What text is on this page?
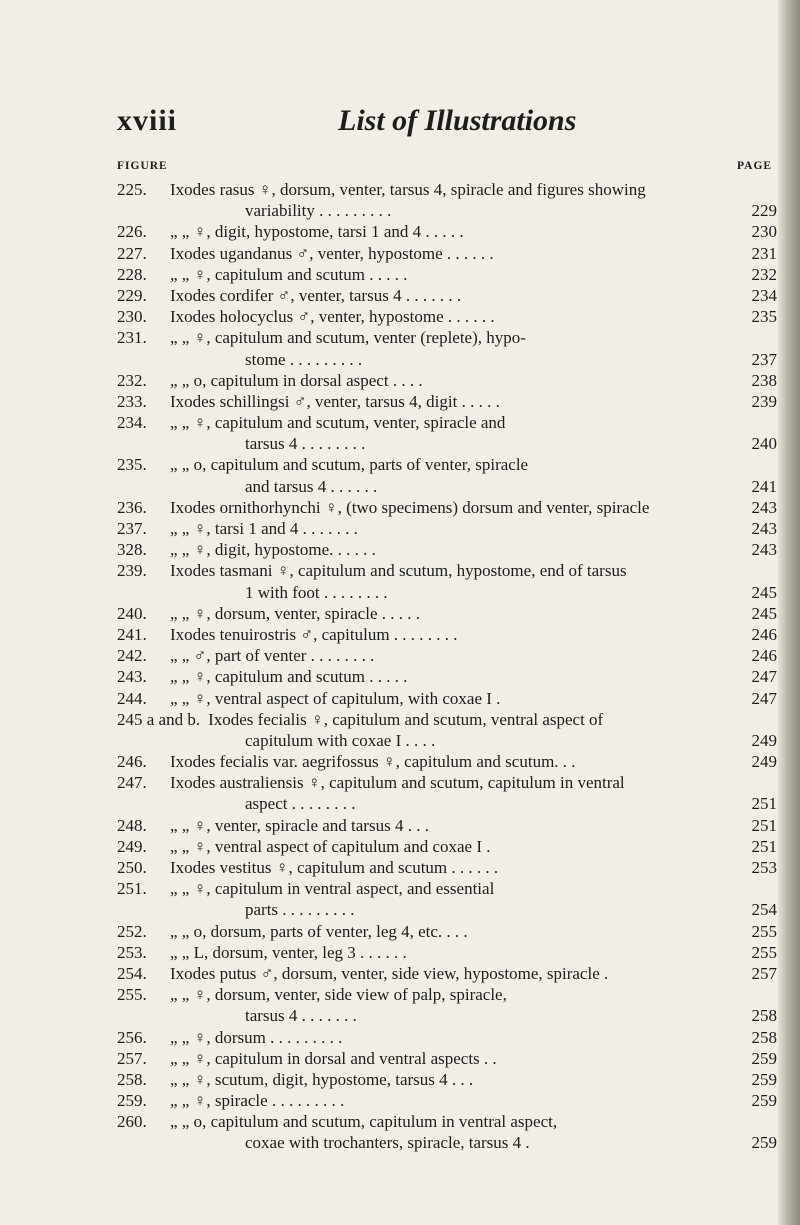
xviii	List of Illustrations
FIGURE	PAGE
225.	Ixodes rasus ♀, dorsum, venter, tarsus 4, spiracle and figures showing
variability . . . . . . . . .	229
226.	„ „ ♀, digit, hypostome, tarsi 1 and 4 . . . . .	230
227.	Ixodes ugandanus ♂, venter, hypostome . . . . . .	231
228.	„ „ ♀, capitulum and scutum . . . . .	232
229.	Ixodes cordifer ♂, venter, tarsus 4 . . . . . . .	234
230.	Ixodes holocyclus ♂, venter, hypostome . . . . . .	235
231.	„ „ ♀, capitulum and scutum, venter (replete), hypo-
stome . . . . . . . . .	237
232.	„ „ o, capitulum in dorsal aspect . . . .	238
233.	Ixodes schillingsi ♂, venter, tarsus 4, digit . . . . .	239
234.	„ „ ♀, capitulum and scutum, venter, spiracle and
tarsus 4 . . . . . . . .	240
235.	„ „ o, capitulum and scutum, parts of venter, spiracle
and tarsus 4 . . . . . .	241
236.	Ixodes ornithorhynchi ♀, (two specimens) dorsum and venter, spiracle	243
237.	„ „ ♀, tarsi 1 and 4 . . . . . . .	243
328.	„ „ ♀, digit, hypostome. . . . . .	243
239.	Ixodes tasmani ♀, capitulum and scutum, hypostome, end of tarsus
1 with foot . . . . . . . .	245
240.	„ „ ♀, dorsum, venter, spiracle . . . . .	245
241.	Ixodes tenuirostris ♂, capitulum . . . . . . . .	246
242.	„ „ ♂, part of venter . . . . . . . .	246
243.	„ „ ♀, capitulum and scutum . . . . .	247
244.	„ „ ♀, ventral aspect of capitulum, with coxae I .	247
245 a and b. Ixodes fecialis ♀, capitulum and scutum, ventral aspect of
capitulum with coxae I . . . .	249
246.	Ixodes fecialis var. aegrifossus ♀, capitulum and scutum. . .	249
247.	Ixodes australiensis ♀, capitulum and scutum, capitulum in ventral
aspect . . . . . . . .	251
248.	„ „ ♀, venter, spiracle and tarsus 4 . . .	251
249.	„ „ ♀, ventral aspect of capitulum and coxae I .	251
250.	Ixodes vestitus ♀, capitulum and scutum . . . . . .	253
251.	„ „ ♀, capitulum in ventral aspect, and essential
parts . . . . . . . . .	254
252.	„ „ o, dorsum, parts of venter, leg 4, etc. . . .	255
253.	„ „ L, dorsum, venter, leg 3 . . . . . .	255
254.	Ixodes putus ♂, dorsum, venter, side view, hypostome, spiracle .	257
255.	„ „ ♀, dorsum, venter, side view of palp, spiracle,
tarsus 4 . . . . . . .	258
256.	„ „ ♀, dorsum . . . . . . . . .	258
257.	„ „ ♀, capitulum in dorsal and ventral aspects . .	259
258.	„ „ ♀, scutum, digit, hypostome, tarsus 4 . . .	259
259.	„ „ ♀, spiracle . . . . . . . . .	259
260.	„ „ o, capitulum and scutum, capitulum in ventral aspect,
coxae with trochanters, spiracle, tarsus 4 .	259
